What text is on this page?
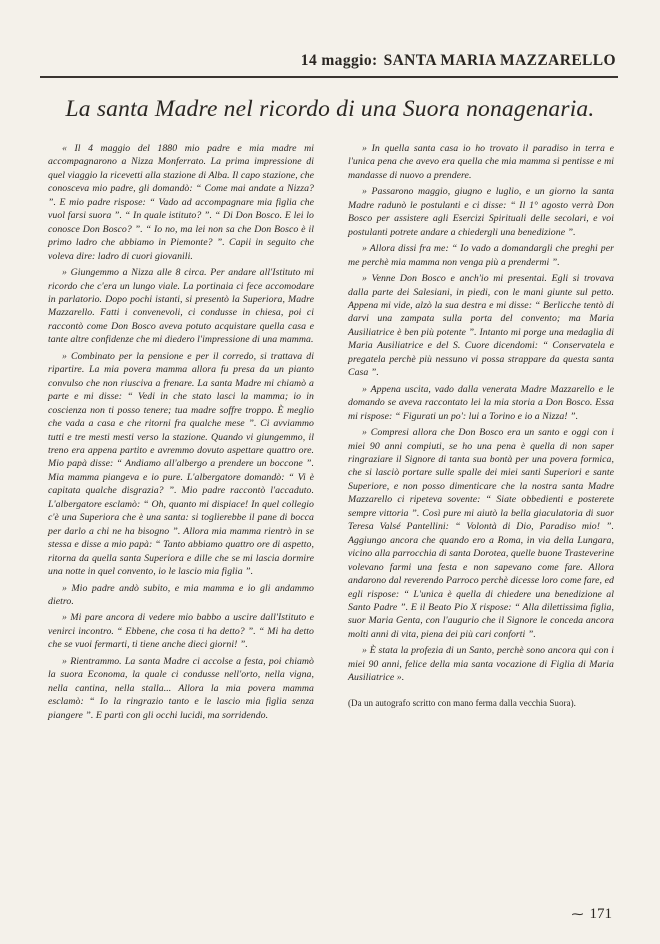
14 maggio: SANTA MARIA MAZZARELLO
La santa Madre nel ricordo di una Suora nonagenaria.

« Il 4 maggio del 1880 mio padre e mia madre mi accompagnarono a Nizza Monferrato. La prima impressione di quel viaggio la ricevetti alla stazione di Alba. Il capo stazione, che conosceva mio padre, gli domandò: “ Come mai andate a Nizza? ”. E mio padre rispose: “ Vado ad accompagnare mia figlia che vuol farsi suora ”. “ In quale istituto? ”. “ Di Don Bosco. E lei lo conosce Don Bosco? ”. “ Io no, ma lei non sa che Don Bosco è il primo ladro che abbiamo in Piemonte? ”. Capii in seguito che voleva dire: ladro di cuori giovanili.

» Giungemmo a Nizza alle 8 circa. Per andare all'Istituto mi ricordo che c'era un lungo viale. La portinaia ci fece accomodare in parlatorio. Dopo pochi istanti, si presentò la Superiora, Madre Mazzarello. Fatti i convenevoli, ci condusse in chiesa, poi ci raccontò come Don Bosco aveva potuto acquistare quella casa e tante altre confidenze che mi diedero l'impressione di una mamma.

» Combinato per la pensione e per il corredo, si trattava di ripartire. La mia povera mamma allora fu presa da un pianto convulso che non riusciva a frenare. La santa Madre mi chiamò a parte e mi disse: “ Vedi in che stato lasci la mamma; io in coscienza non ti posso tenere; tua madre soffre troppo. È meglio che vada a casa e che ritorni fra qualche mese ”. Ci avviammo tutti e tre mesti mesti verso la stazione. Quando vi giungemmo, il treno era appena partito e avremmo dovuto aspettare quattro ore. Mio papà disse: “ Andiamo all'albergo a prendere un boccone ”. Mia mamma piangeva e io pure. L'albergatore domandò: “ Vi è capitata qualche disgrazia? ”. Mio padre raccontò l'accaduto. L'albergatore esclamò: “ Oh, quanto mi dispiace! In quel collegio c'è una Superiora che è una santa: si toglierebbe il pane di bocca per darlo a chi ne ha bisogno ”. Allora mia mamma rientrò in se stessa e disse a mio papà: “ Tanto abbiamo quattro ore di aspetto, ritorna da quella santa Superiora e dille che se mi lascia dormire una notte in quel convento, io le lascio mia figlia ”.

» Mio padre andò subito, e mia mamma e io gli andammo dietro.

» Mi pare ancora di vedere mio babbo a uscire dall'Istituto e venirci incontro. “ Ebbene, che cosa ti ha detto? ”. “ Mi ha detto che se vuoi fermarti, ti tiene anche dieci giorni! ”.

» Rientrammo. La santa Madre ci accolse a festa, poi chiamò la suora Economa, la quale ci condusse nell'orto, nella vigna, nella cantina, nella stalla... Allora la mia povera mamma esclamò: “ Io la ringrazio tanto e le lascio mia figlia senza piangere ”. E partì con gli occhi lucidi, ma sorridendo.

» In quella santa casa io ho trovato il paradiso in terra e l'unica pena che avevo era quella che mia mamma si pentisse e mi mandasse di nuovo a prendere.

» Passarono maggio, giugno e luglio, e un giorno la santa Madre radunò le postulanti e ci disse: “ Il 1° agosto verrà Don Bosco per assistere agli Esercizi Spirituali delle secolari, e voi postulanti potrete andare a chiedergli una benedizione ”.

» Allora dissi fra me: “ Io vado a domandargli che preghi per me perchè mia mamma non venga più a prendermi ”.

» Venne Don Bosco e anch'io mi presentai. Egli si trovava dalla parte dei Salesiani, in piedi, con le mani giunte sul petto. Appena mi vide, alzò la sua destra e mi disse: “ Berlicche tentò di darvi una zampata sulla porta del convento; ma Maria Ausiliatrice è ben più potente ”. Intanto mi porge una medaglia di Maria Ausiliatrice e del S. Cuore dicendomi: “ Conservatela e pregatela perchè più nessuno vi possa strappare da questa santa Casa ”.

» Appena uscita, vado dalla venerata Madre Mazzarello e le domando se aveva raccontato lei la mia storia a Don Bosco. Essa mi rispose: “ Figurati un po': lui a Torino e io a Nizza! ”.

» Compresi allora che Don Bosco era un santo e oggi con i miei 90 anni compiuti, se ho una pena è quella di non saper ringraziare il Signore di tanta sua bontà per una povera formica, che si lasciò portare sulle spalle dei miei santi Superiori e sante Superiore, e non posso dimenticare che la nostra santa Madre Mazzarello ci ripeteva sovente: “ Siate obbedienti e posterete sempre vittoria ”. Così pure mi aiutò la bella giaculatoria di suor Teresa Valsé Pantellini: “ Volontà di Dio, Paradiso mio! ”. Aggiungo ancora che quando ero a Roma, in via della Lungara, vicino alla parrocchia di santa Dorotea, quelle buone Trasteverine volevano farmi una festa e non sapevano come fare. Allora andarono dal reverendo Parroco perchè dicesse loro come fare, ed egli rispose: “ L'unica è quella di chiedere una benedizione al Santo Padre ”. E il Beato Pio X rispose: “ Alla dilettissima figlia, suor Maria Genta, con l'augurio che il Signore le conceda ancora molti anni di vita, piena dei più cari conforti ”.

» È stata la profezia di un Santo, perchè sono ancora qui con i miei 90 anni, felice della mia santa vocazione di Figlia di Maria Ausiliatrice ».

(Da un autografo scritto con mano ferma dalla vecchia Suora).

⁓ 171
